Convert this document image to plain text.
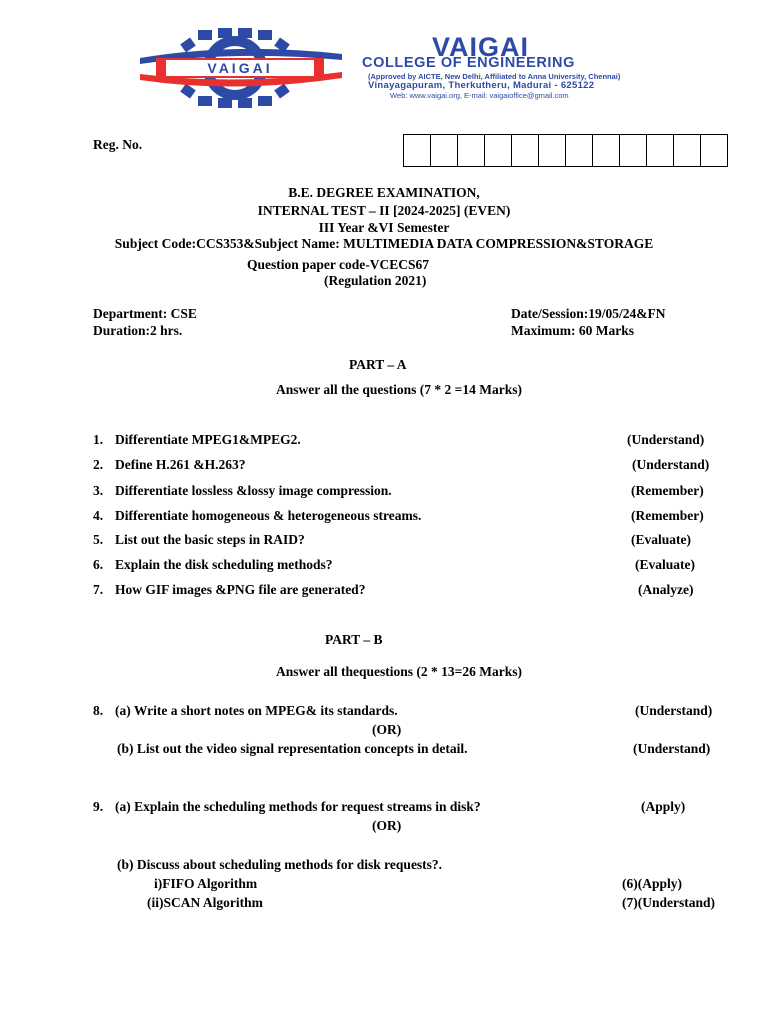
VAIGAI
VAIGAI
COLLEGE OF ENGINEERING
(Approved by AICTE, New Delhi, Affiliated to Anna University, Chennai)
Vinayagapuram, Therkutheru, Madurai - 625122
Web: www.vaigai.org, E-mail: vaigaioffice@gmail.com
Reg. No.
B.E. DEGREE EXAMINATION,
INTERNAL TEST – II [2024-2025] (EVEN)
III Year &VI Semester
Subject Code:CCS353&Subject Name: MULTIMEDIA DATA COMPRESSION&STORAGE
Question paper code-VCECS67
(Regulation 2021)
Department: CSE
Duration:2 hrs.
Date/Session:19/05/24&FN
Maximum: 60 Marks
PART – A
Answer all the questions (7 * 2 =14 Marks)
1. Differentiate MPEG1&MPEG2.	(Understand)
2. Define H.261 &H.263?	(Understand)
3. Differentiate lossless &lossy image compression.	(Remember)
4. Differentiate homogeneous & heterogeneous streams.	(Remember)
5. List out the basic steps in RAID?	(Evaluate)
6. Explain the disk scheduling methods?	(Evaluate)
7. How GIF images &PNG file are generated?	(Analyze)
PART – B
Answer all thequestions (2 * 13=26 Marks)
8. (a) Write a short notes on MPEG& its standards.	(Understand)
(OR)
(b) List out the video signal representation concepts in detail.	(Understand)
9. (a) Explain the scheduling methods for request streams in disk?	(Apply)
(OR)
(b) Discuss about scheduling methods for disk requests?.
i)FIFO Algorithm	(6)(Apply)
(ii)SCAN Algorithm	(7)(Understand)
